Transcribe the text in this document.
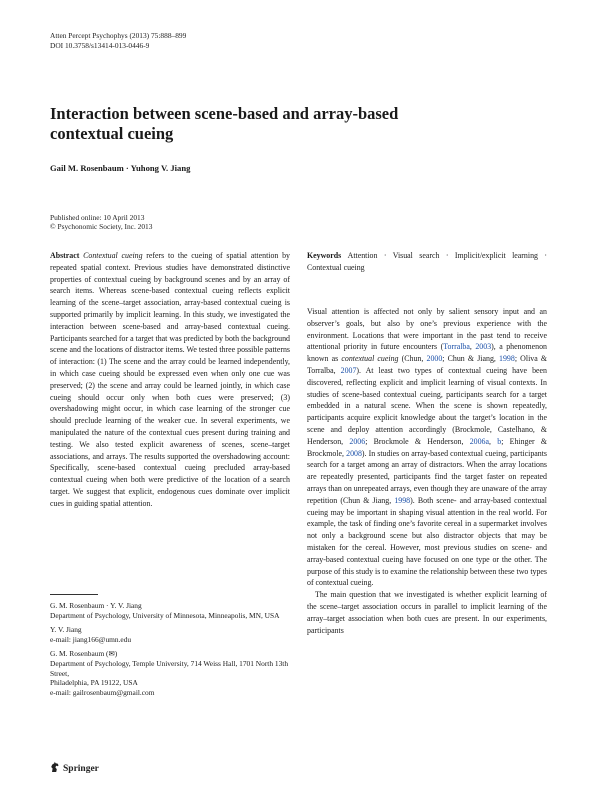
Atten Percept Psychophys (2013) 75:888–899
DOI 10.3758/s13414-013-0446-9
Interaction between scene-based and array-based contextual cueing
Gail M. Rosenbaum · Yuhong V. Jiang
Published online: 10 April 2013
© Psychonomic Society, Inc. 2013

Abstract Contextual cueing refers to the cueing of spatial attention by repeated spatial context. Previous studies have demonstrated distinctive properties of contextual cueing by background scenes and by an array of search items. Whereas scene-based contextual cueing reflects explicit learning of the scene–target association, array-based contextual cueing is supported primarily by implicit learning. In this study, we investigated the interaction between scene-based and array-based contextual cueing. Participants searched for a target that was predicted by both the background scene and the locations of distractor items. We tested three possible patterns of interaction: (1) The scene and the array could be learned independently, in which case cueing should be expressed even when only one cue was preserved; (2) the scene and array could be learned jointly, in which case cueing should occur only when both cues were preserved; (3) overshadowing might occur, in which case learning of the stronger cue should preclude learning of the weaker cue. In several experiments, we manipulated the nature of the contextual cues present during training and testing. We also tested explicit awareness of scenes, scene–target associations, and arrays. The results supported the overshadowing account: Specifically, scene-based contextual cueing precluded array-based contextual cueing when both were predictive of the location of a search target. We suggest that explicit, endogenous cues dominate over implicit cues in guiding spatial attention.

Keywords Attention · Visual search · Implicit/explicit learning · Contextual cueing

Visual attention is affected not only by salient sensory input and an observer’s goals, but also by one’s previous experience with the environment. Locations that were important in the past tend to receive attentional priority in future encounters (Torralba, 2003), a phenomenon known as contextual cueing (Chun, 2000; Chun & Jiang, 1998; Oliva & Torralba, 2007). At least two types of contextual cueing have been discovered, reflecting explicit and implicit learning of visual contexts. In studies of scene-based contextual cueing, participants search for a target embedded in a natural scene. When the scene is shown repeatedly, participants acquire explicit knowledge about the target’s location in the scene and deploy attention accordingly (Brockmole, Castelhano, & Henderson, 2006; Brockmole & Henderson, 2006a, b; Ehinger & Brockmole, 2008). In studies on array-based contextual cueing, participants search for a target among an array of distractors. When the array locations are repeatedly presented, participants find the target faster on repeated arrays than on unrepeated arrays, even though they are unaware of the array repetition (Chun & Jiang, 1998). Both scene- and array-based contextual cueing may be important in shaping visual attention in the real world. For example, the task of finding one’s favorite cereal in a supermarket involves not only a background scene but also distractor objects that may be mistaken for the cereal. However, most previous studies on scene- and array-based contextual cueing have focused on one type or the other. The purpose of this study is to examine the relationship between these two types of contextual cueing.

The main question that we investigated is whether explicit learning of the scene–target association occurs in parallel to implicit learning of the array–target association when both cues are present. In our experiments, participants

G. M. Rosenbaum · Y. V. Jiang
Department of Psychology, University of Minnesota, Minneapolis, MN, USA
Y. V. Jiang
e-mail: jiang166@umn.edu
G. M. Rosenbaum (✉)
Department of Psychology, Temple University, 714 Weiss Hall, 1701 North 13th Street,
Philadelphia, PA 19122, USA
e-mail: gailrosenbaum@gmail.com
Springer
